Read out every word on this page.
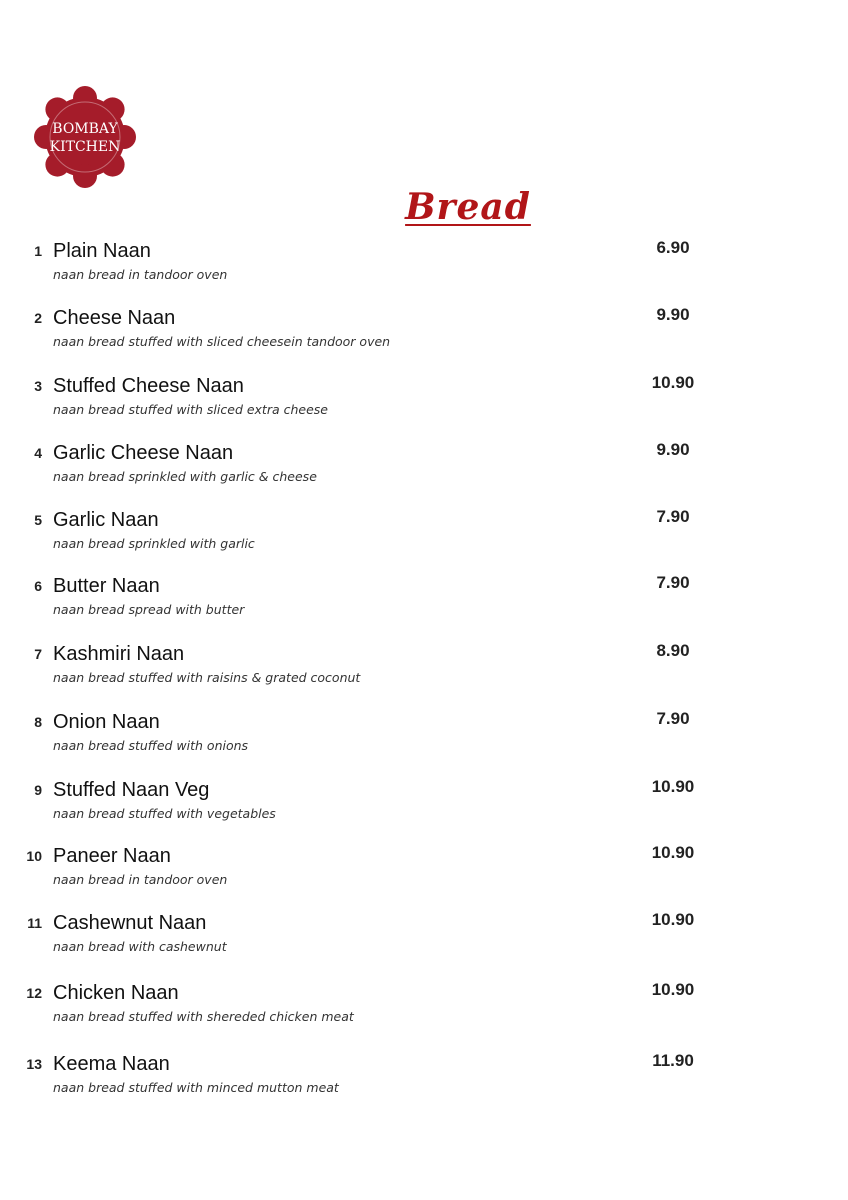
BOMBAY
KITCHEN
Bread
1 Plain Naan
naan bread in tandoor oven
6.90
2 Cheese Naan
naan bread stuffed with sliced cheesein tandoor oven
9.90
3 Stuffed Cheese Naan
naan bread stuffed with sliced extra cheese
10.90
4 Garlic Cheese Naan
naan bread sprinkled with garlic & cheese
9.90
5 Garlic Naan
naan bread sprinkled with garlic
7.90
6 Butter Naan
naan bread spread with butter
7.90
7 Kashmiri Naan
naan bread stuffed with raisins & grated coconut
8.90
8 Onion Naan
naan bread stuffed with onions
7.90
9 Stuffed Naan Veg
naan bread stuffed with vegetables
10.90
10 Paneer Naan
naan bread in tandoor oven
10.90
11 Cashewnut Naan
naan bread with cashewnut
10.90
12 Chicken Naan
naan bread stuffed with shereded chicken meat
10.90
13 Keema Naan
naan bread stuffed with minced mutton meat
11.90
